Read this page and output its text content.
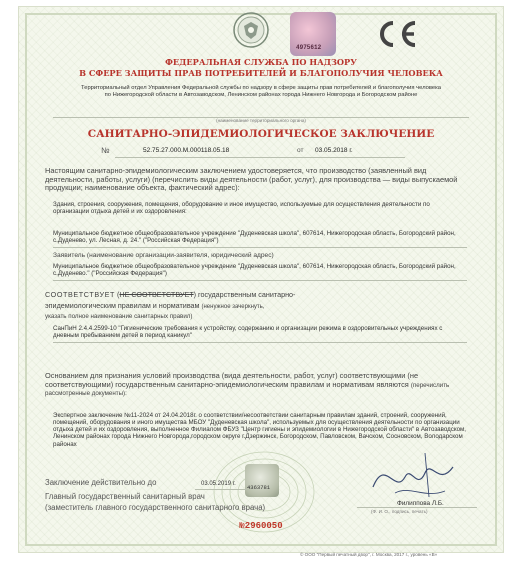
4975612
ФЕДЕРАЛЬНАЯ СЛУЖБА ПО НАДЗОРУ
В СФЕРЕ ЗАЩИТЫ ПРАВ ПОТРЕБИТЕЛЕЙ И БЛАГОПОЛУЧИЯ ЧЕЛОВЕКА
Территориальный отдел Управления Федеральной службы по надзору в сфере защиты прав потребителей и благополучия человека по Нижегородской области в Автозаводском, Ленинском районах города Нижнего Новгорода и Богородском районе
(наименование территориального органа)
САНИТАРНО-ЭПИДЕМИОЛОГИЧЕСКОЕ ЗАКЛЮЧЕНИЕ
№	52.75.27.000.М.000118.05.18	от 03.05.2018 г.
Настоящим санитарно-эпидемиологическим заключением удостоверяется, что производство (заявленный вид деятельности, работы, услуги) (перечислить виды деятельности (работ, услуг), для производства — виды выпускаемой продукции; наименование объекта, фактический адрес):
Здания, строения, сооружения, помещения, оборудование и иное имущество, используемые для осуществления деятельности по организации отдыха детей и их оздоровления:
Муниципальное бюджетное общеобразовательное учреждение "Дуденевская школа", 607614, Нижегородская область, Богородский район, с.Дуденево, ул. Лесная, д. 24." ("Российская Федерация")
Заявитель (наименование организации-заявителя, юридический адрес)
Муниципальное бюджетное общеобразовательное учреждение "Дуденевская школа", 607614, Нижегородская область, Богородский район, с.Дуденево." ("Российская Федерация")
СООТВЕТСТВУЕТ (НЕ СООТВЕТСТВУЕТ) государственным санитарно-
эпидемиологическим правилам и нормативам (ненужное зачеркнуть,
указать полное наименование санитарных правил)
СанПиН 2.4.4.2599-10 "Гигиенические требования к устройству, содержанию и организации режима в оздоровительных учреждениях с дневным пребыванием детей в период каникул"
Основанием для признания условий производства (вида деятельности, работ, услуг) соответствующими (не соответствующими) государственным санитарно-эпидемиологическим правилам и нормативам являются (перечислить рассмотренные документы):
Экспертное заключение №11-2024 от 24.04.2018г. о соответствии/несоответствии санитарным правилам зданий, строений, сооружений, помещений, оборудования и иного имущества МБОУ "Дуденевская школа", используемых для осуществления деятельности по организации отдыха детей и их оздоровления, выполненное Филиалом ФБУЗ "Центр гигиены и эпидемиологии в Нижегородской области" в Автозаводском, Ленинском районах города Нижнего Новгорода,городском округе г.Дзержинск, Богородском, Павловском, Вачском, Сосновском, Володарском районах
4363781
Заключение действительно до	03.05.2019 г.
Главный государственный санитарный врач
(заместитель главного государственного санитарного врача)	Филиппова Л.Б.
(Ф. И. О., подпись, печать)
№2960050
© ООО "Первый печатный двор", г. Москва, 2017 г., уровень «В»
